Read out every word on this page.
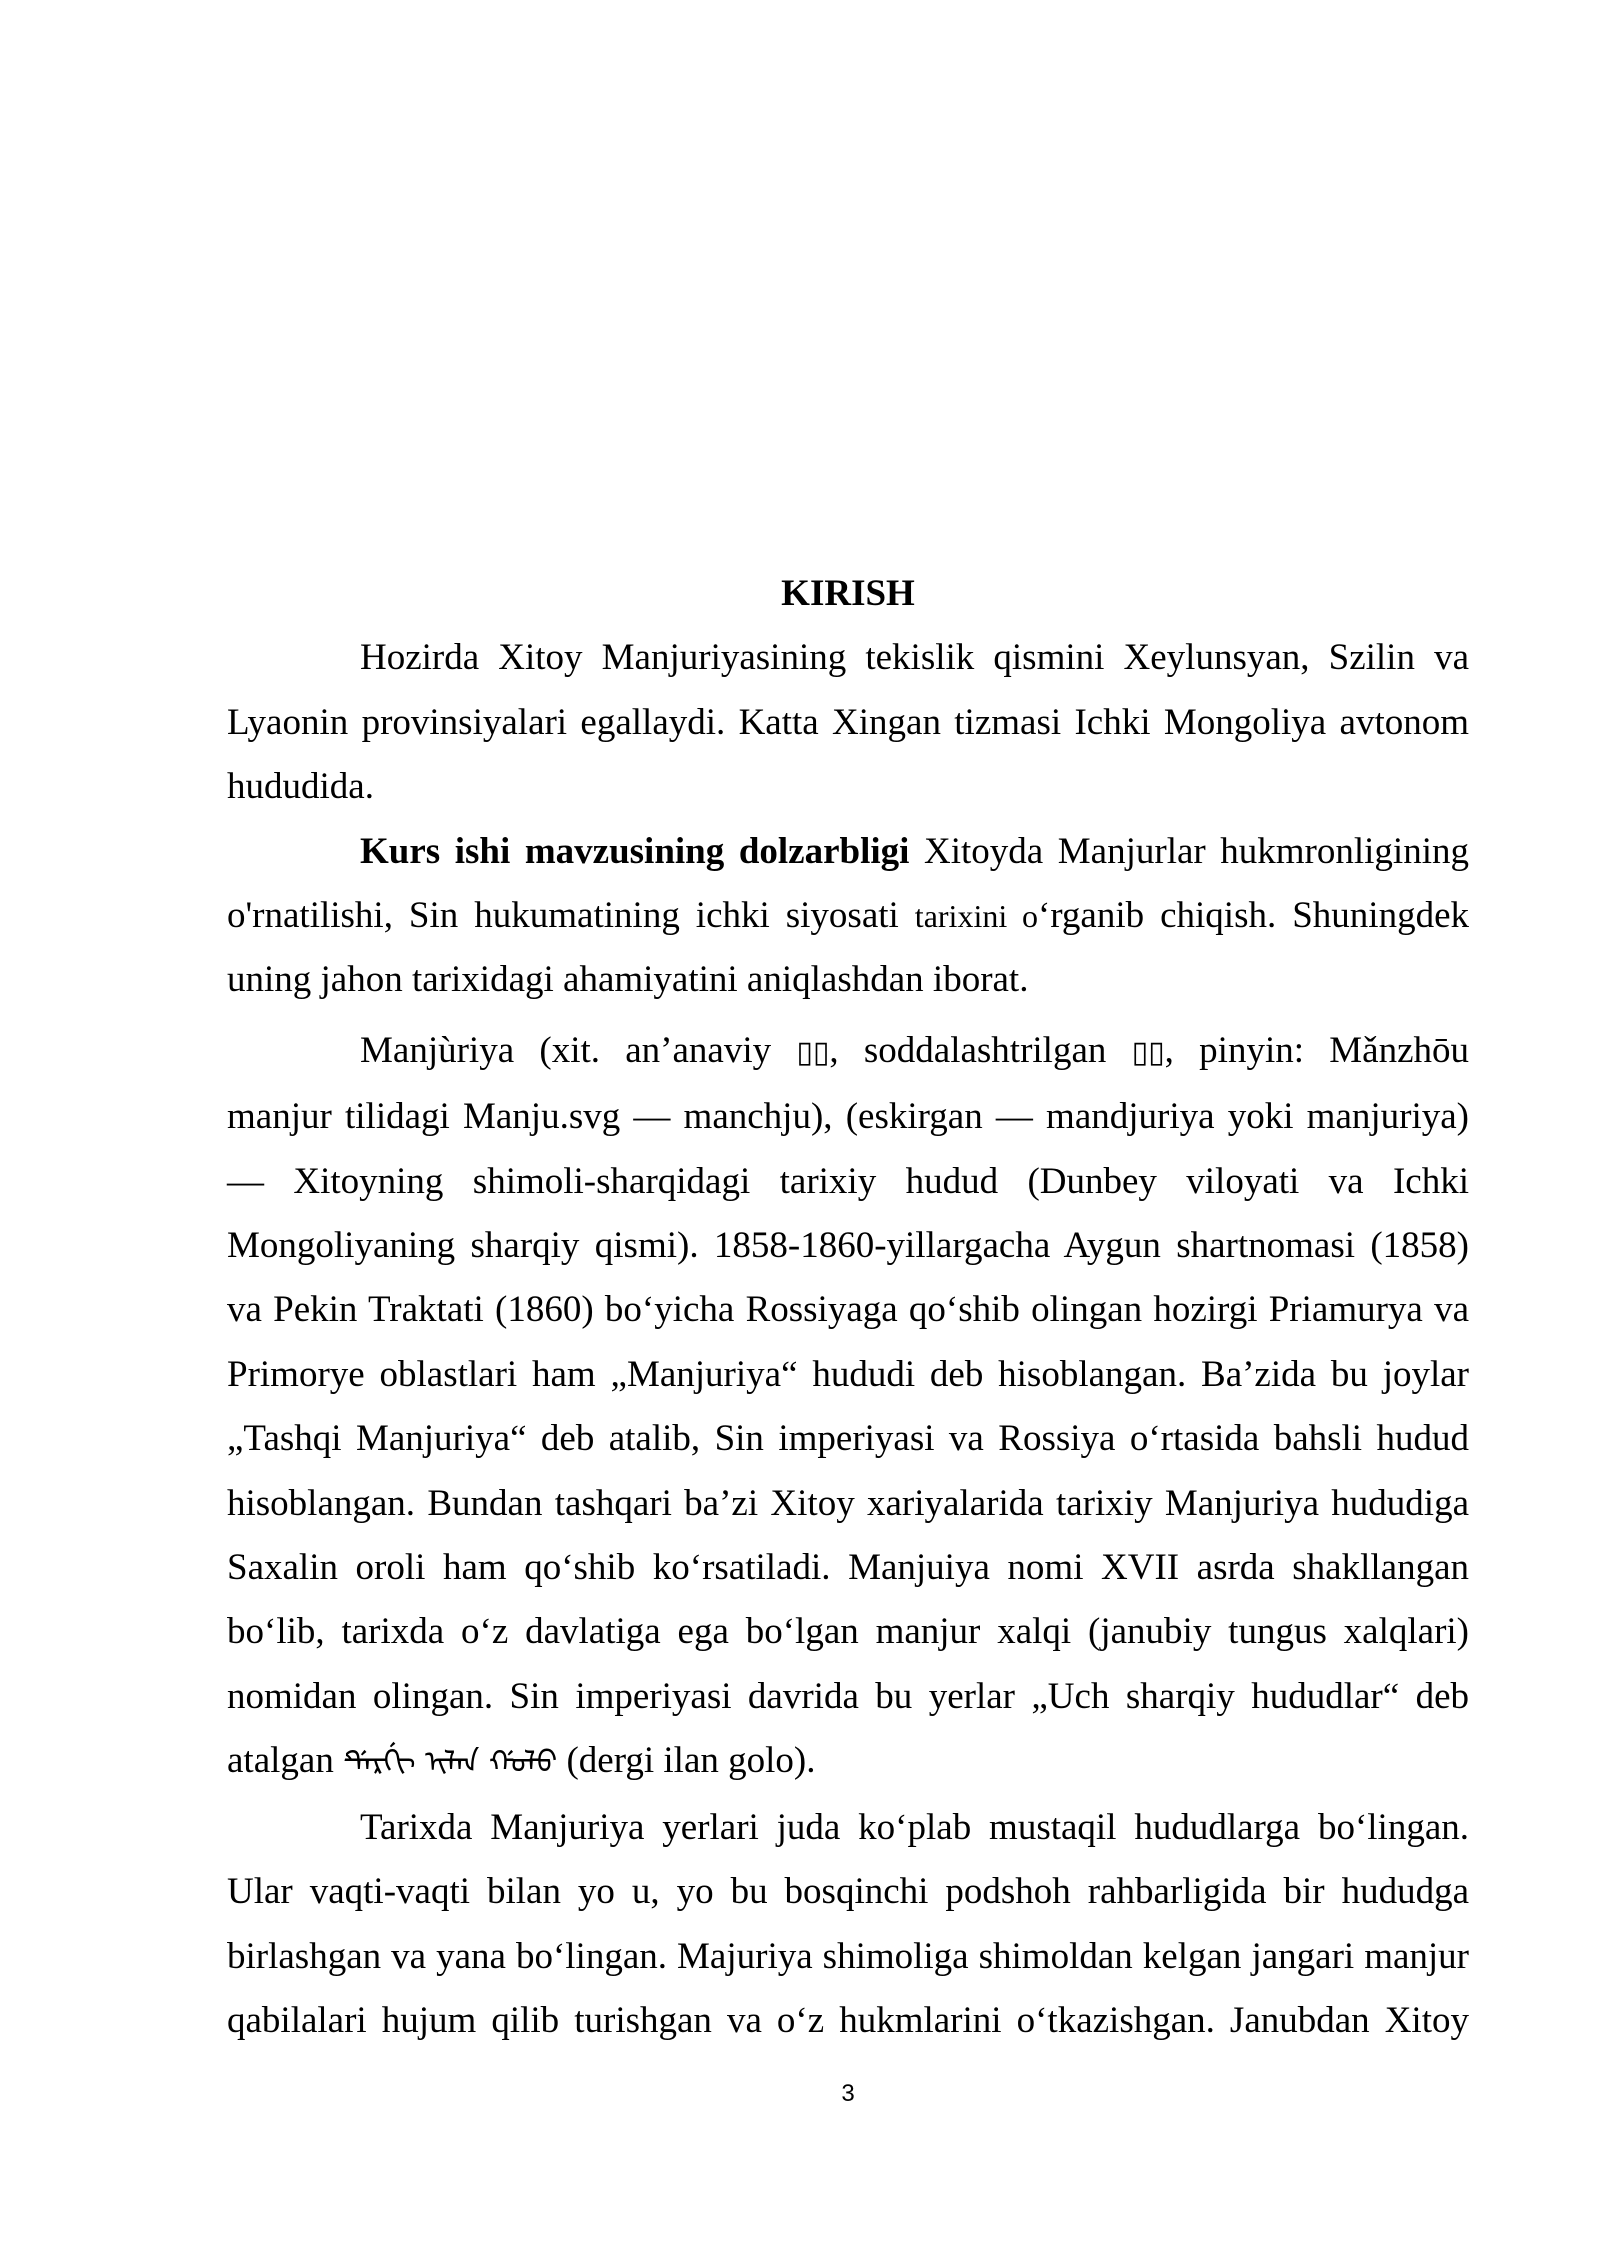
KIRISH
Hozirda Xitoy Manjuriyasining tekislik qismini Xeylunsyan, Szilin va
Lyaonin provinsiyalari egallaydi. Katta Xingan tizmasi Ichki Mongoliya avtonom
hududida.
Kurs ishi mavzusining dolzarbligi Xitoyda Manjurlar hukmronligining
o'rnatilishi, Sin hukumatining ichki siyosati tarixini o‘rganib chiqish. Shuningdek
uning jahon tarixidagi ahamiyatini aniqlashdan iborat.
Manjùriya (xit. an’anaviy ▯▯, soddalashtrilgan ▯▯, pinyin: Mǎnzhōu
manjur tilidagi Manju.svg — manchju), (eskirgan — mandjuriya yoki manjuriya)
— Xitoyning shimoli-sharqidagi tarixiy hudud (Dunbey viloyati va Ichki
Mongoliyaning sharqiy qismi). 1858-1860-yillargacha Aygun shartnomasi (1858)
va Pekin Traktati (1860) bo‘yicha Rossiyaga qo‘shib olingan hozirgi Priamurya va
Primorye oblastlari ham „Manjuriya“ hududi deb hisoblangan. Ba’zida bu joylar
„Tashqi Manjuriya“ deb atalib, Sin imperiyasi va Rossiya o‘rtasida bahsli hudud
hisoblangan. Bundan tashqari ba’zi Xitoy xariyalarida tarixiy Manjuriya hududiga
Saxalin oroli ham qo‘shib ko‘rsatiladi. Manjuiya nomi XVII asrda shakllangan
bo‘lib, tarixda o‘z davlatiga ega bo‘lgan manjur xalqi (janubiy tungus xalqlari)
nomidan olingan. Sin imperiyasi davrida bu yerlar „Uch sharqiy hududlar“ deb
atalgan ᡩᡝᡵᡤᡳ ᡳᠯᠠᠨ ᡤᠣᠯᠣ (dergi ilan golo).
Tarixda Manjuriya yerlari juda ko‘plab mustaqil hududlarga bo‘lingan.
Ular vaqti-vaqti bilan yo u, yo bu bosqinchi podshoh rahbarligida bir hududga
birlashgan va yana bo‘lingan. Majuriya shimoliga shimoldan kelgan jangari manjur
qabilalari hujum qilib turishgan va o‘z hukmlarini o‘tkazishgan. Janubdan Xitoy
3
